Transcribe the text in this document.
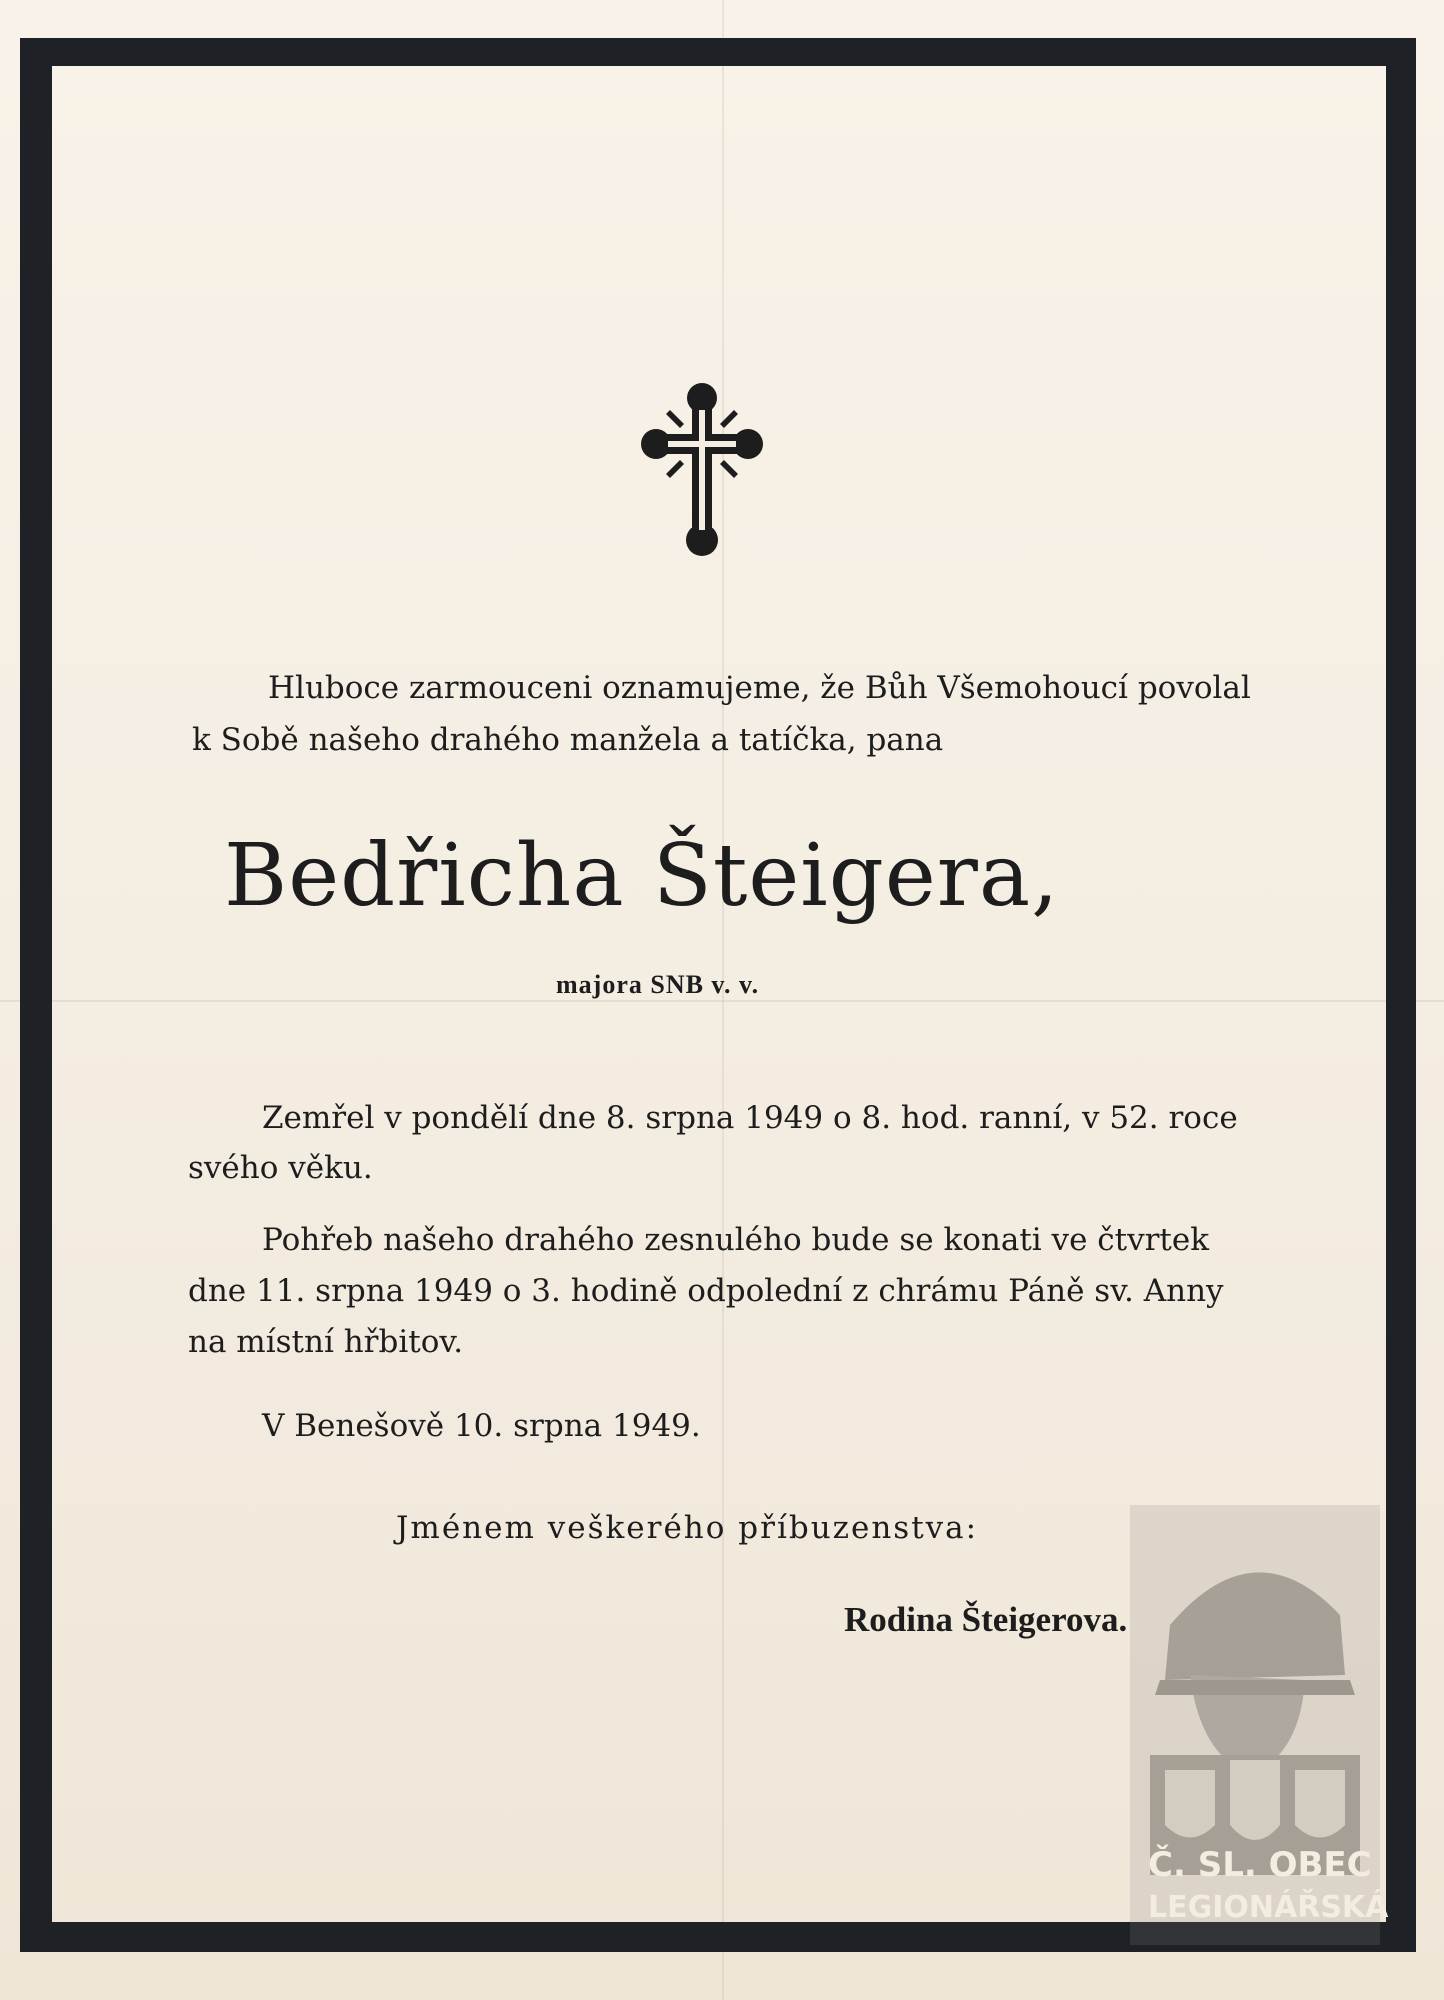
Hluboce zarmouceni oznamujeme, že Bůh Všemohoucí povolal
k Sobě našeho drahého manžela a tatíčka, pana
Bedřicha Šteigera,
majora SNB v. v.
Zemřel v pondělí dne 8. srpna 1949 o 8. hod. ranní, v 52. roce
svého věku.
Pohřeb našeho drahého zesnulého bude se konati ve čtvrtek
dne 11. srpna 1949 o 3. hodině odpolední z chrámu Páně sv. Anny
na místní hřbitov.
V Benešově 10. srpna 1949.
Jménem veškerého příbuzenstva:
Rodina Šteigerova.
Č. SL. OBEC
LEGIONÁŘSKÁ
